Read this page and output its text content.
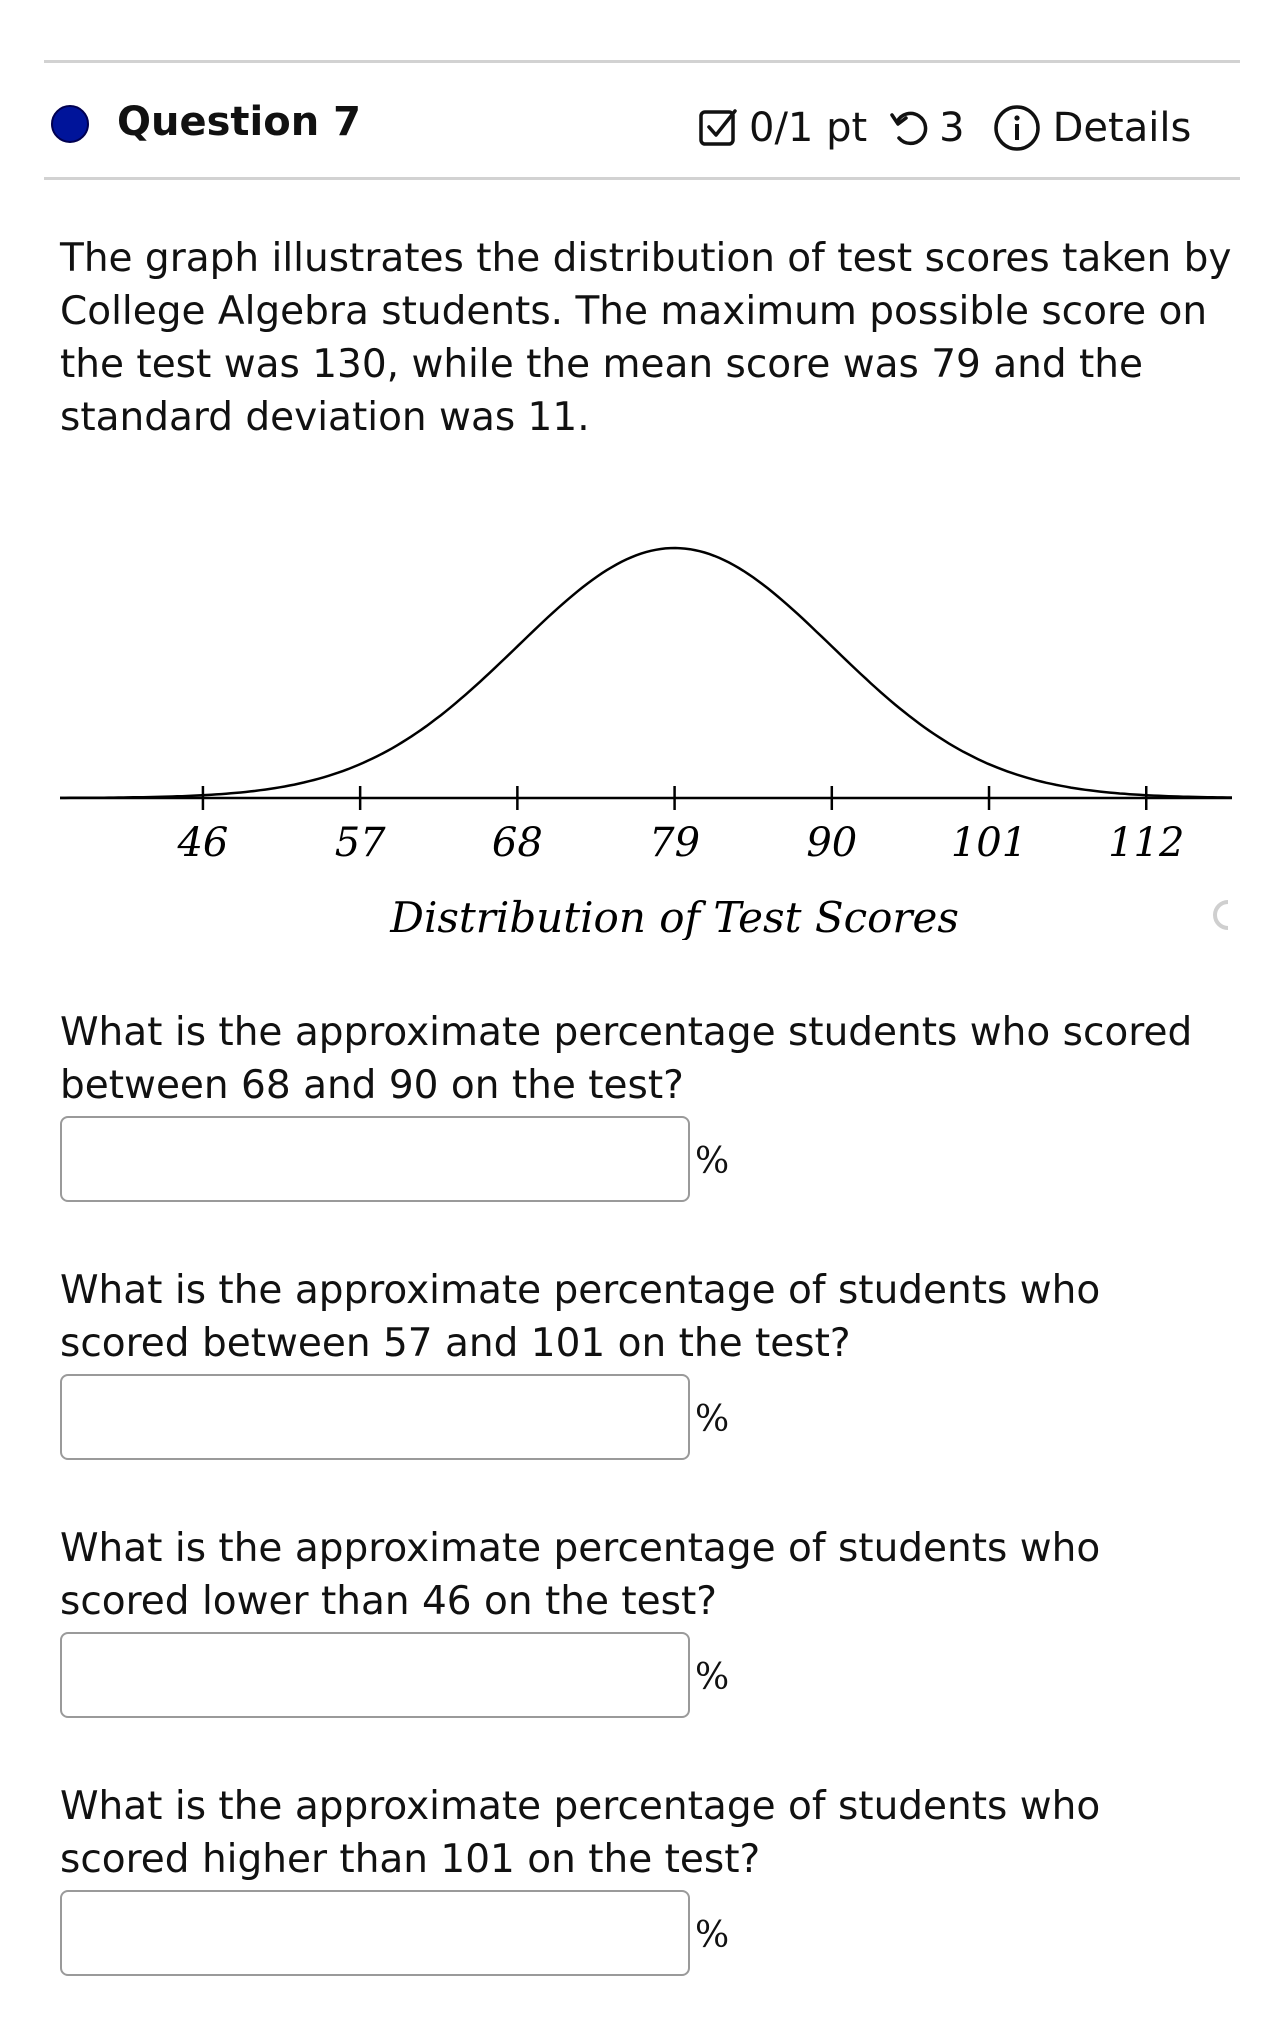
Question 7	0/1 pt 3 Details

The graph illustrates the distribution of test scores taken by College Algebra students. The maximum possible score on the test was 130, while the mean score was 79 and the standard deviation was 11.

46	57	68	79	90 101 112
Distribution of Test Scores

What is the approximate percentage students who scored between 68 and 90 on the test?

%

What is the approximate percentage of students who scored between 57 and 101 on the test?

%

What is the approximate percentage of students who scored lower than 46 on the test?

%

What is the approximate percentage of students who scored higher than 101 on the test?

%
